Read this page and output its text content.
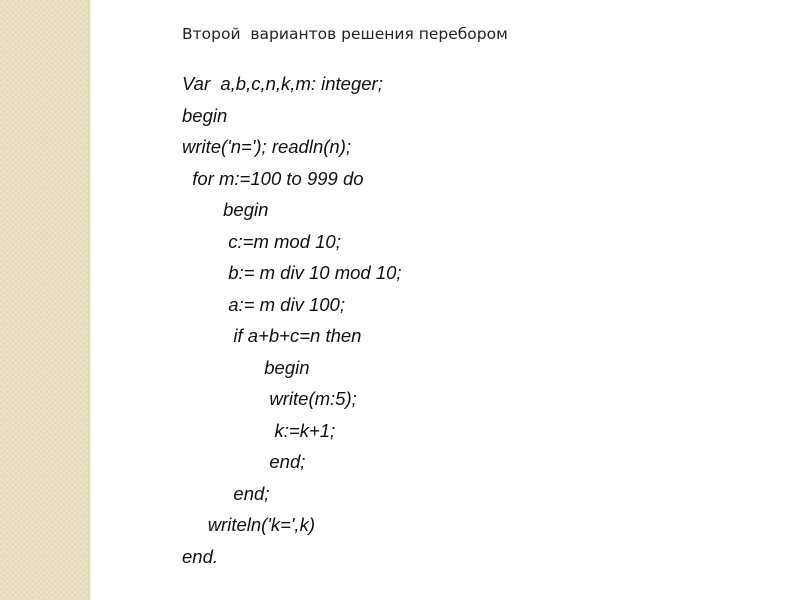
Второй  вариантов решения перебором
Var  a,b,c,n,k,m: integer;
begin
write('n='); readln(n);
for m:=100 to 999 do
begin
c:=m mod 10;
b:= m div 10 mod 10;
a:= m div 100;
if a+b+c=n then
begin
write(m:5);
k:=k+1;
end;
end;
writeln('k=',k)
end.
